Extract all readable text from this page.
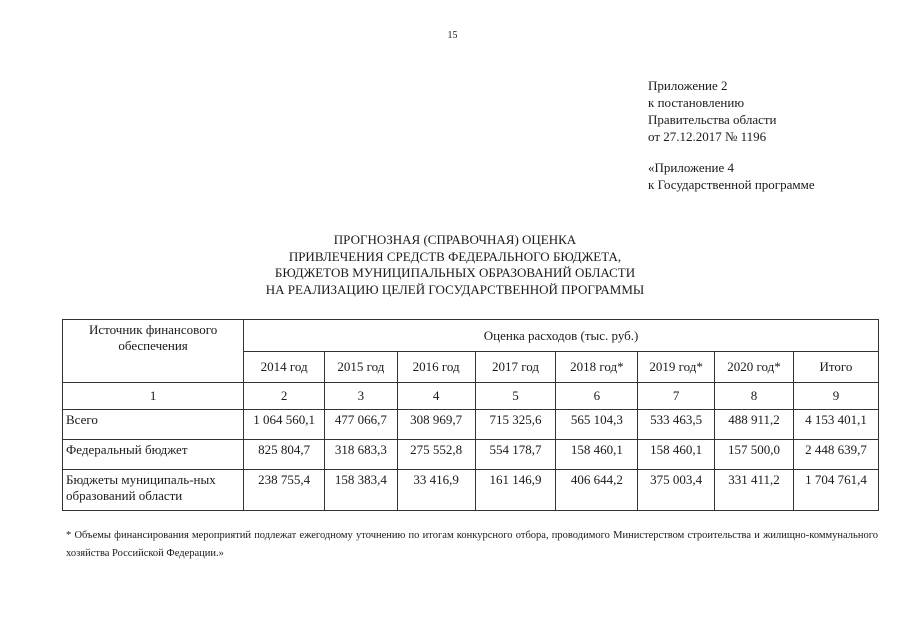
15
Приложение 2
к постановлению
Правительства области
от 27.12.2017 № 1196
«Приложение 4
к Государственной программе
ПРОГНОЗНАЯ (СПРАВОЧНАЯ) ОЦЕНКА
ПРИВЛЕЧЕНИЯ СРЕДСТВ ФЕДЕРАЛЬНОГО БЮДЖЕТА,
БЮДЖЕТОВ МУНИЦИПАЛЬНЫХ ОБРАЗОВАНИЙ ОБЛАСТИ
НА РЕАЛИЗАЦИЮ ЦЕЛЕЙ ГОСУДАРСТВЕННОЙ ПРОГРАММЫ
Источник финансового обеспечения	Оценка расходов (тыс. руб.)							
	2014 год	2015 год	2016 год	2017 год	2018 год*	2019 год*	2020 год*	Итого
1	2	3	4	5	6	7	8	9
Всего	1 064 560,1	477 066,7	308 969,7	715 325,6	565 104,3	533 463,5	488 911,2	4 153 401,1
Федеральный бюджет	825 804,7	318 683,3	275 552,8	554 178,7	158 460,1	158 460,1	157 500,0	2 448 639,7
Бюджеты муниципаль-ных образований области	238 755,4	158 383,4	33 416,9	161 146,9	406 644,2	375 003,4	331 411,2	1 704 761,4
* Объемы финансирования мероприятий подлежат ежегодному уточнению по итогам конкурсного отбора, проводимого Министерством строительства и жилищно-коммунального хозяйства Российской Федерации.»
